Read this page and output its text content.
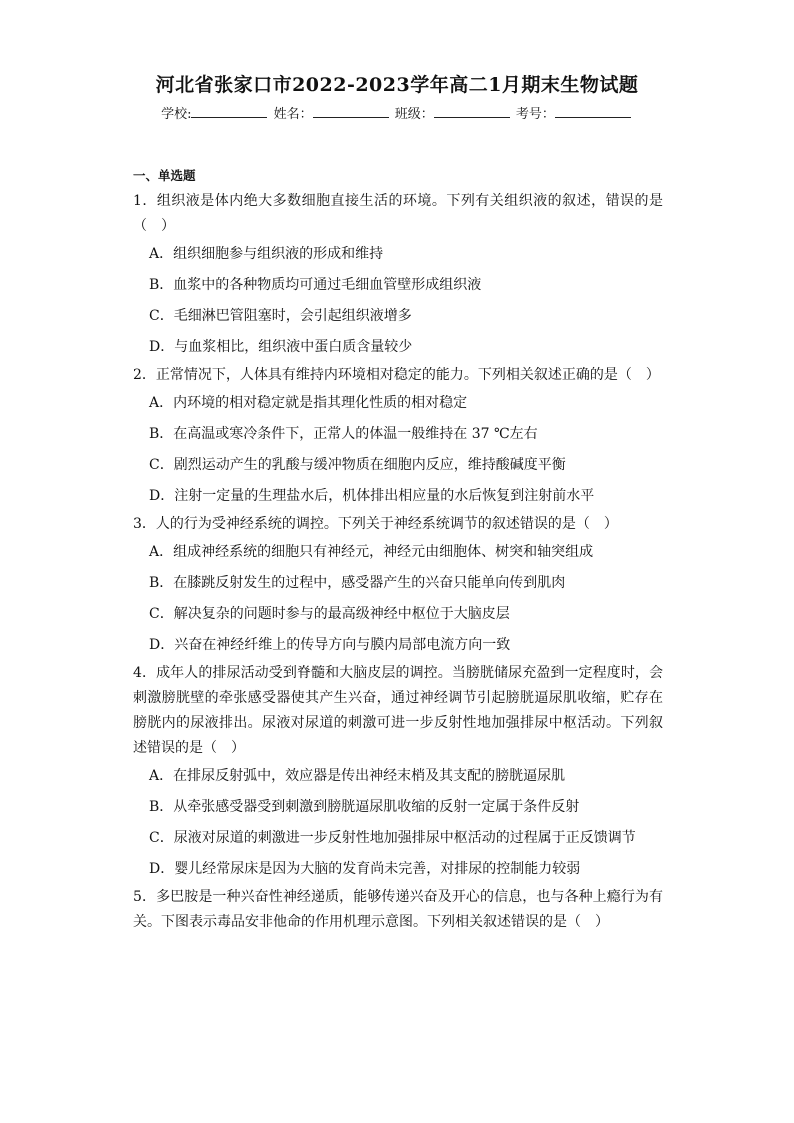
河北省张家口市2022-2023学年高二1月期末生物试题
学校:	姓名：	班级：	考号：
一、单选题
1．组织液是体内绝大多数细胞直接生活的环境。下列有关组织液的叙述，错误的是（　）
A．组织细胞参与组织液的形成和维持
B．血浆中的各种物质均可通过毛细血管壁形成组织液
C．毛细淋巴管阻塞时，会引起组织液增多
D．与血浆相比，组织液中蛋白质含量较少
2．正常情况下，人体具有维持内环境相对稳定的能力。下列相关叙述正确的是（　）
A．内环境的相对稳定就是指其理化性质的相对稳定
B．在高温或寒冷条件下，正常人的体温一般维持在 37 ℃左右
C．剧烈运动产生的乳酸与缓冲物质在细胞内反应，维持酸碱度平衡
D．注射一定量的生理盐水后，机体排出相应量的水后恢复到注射前水平
3．人的行为受神经系统的调控。下列关于神经系统调节的叙述错误的是（　）
A．组成神经系统的细胞只有神经元，神经元由细胞体、树突和轴突组成
B．在膝跳反射发生的过程中，感受器产生的兴奋只能单向传到肌肉
C．解决复杂的问题时参与的最高级神经中枢位于大脑皮层
D．兴奋在神经纤维上的传导方向与膜内局部电流方向一致
4．成年人的排尿活动受到脊髓和大脑皮层的调控。当膀胱储尿充盈到一定程度时，会刺激膀胱壁的牵张感受器使其产生兴奋，通过神经调节引起膀胱逼尿肌收缩，贮存在膀胱内的尿液排出。尿液对尿道的刺激可进一步反射性地加强排尿中枢活动。下列叙述错误的是（　）
A．在排尿反射弧中，效应器是传出神经末梢及其支配的膀胱逼尿肌
B．从牵张感受器受到刺激到膀胱逼尿肌收缩的反射一定属于条件反射
C．尿液对尿道的刺激进一步反射性地加强排尿中枢活动的过程属于正反馈调节
D．婴儿经常尿床是因为大脑的发育尚未完善，对排尿的控制能力较弱
5．多巴胺是一种兴奋性神经递质，能够传递兴奋及开心的信息，也与各种上瘾行为有关。下图表示毒品安非他命的作用机理示意图。下列相关叙述错误的是（　）
